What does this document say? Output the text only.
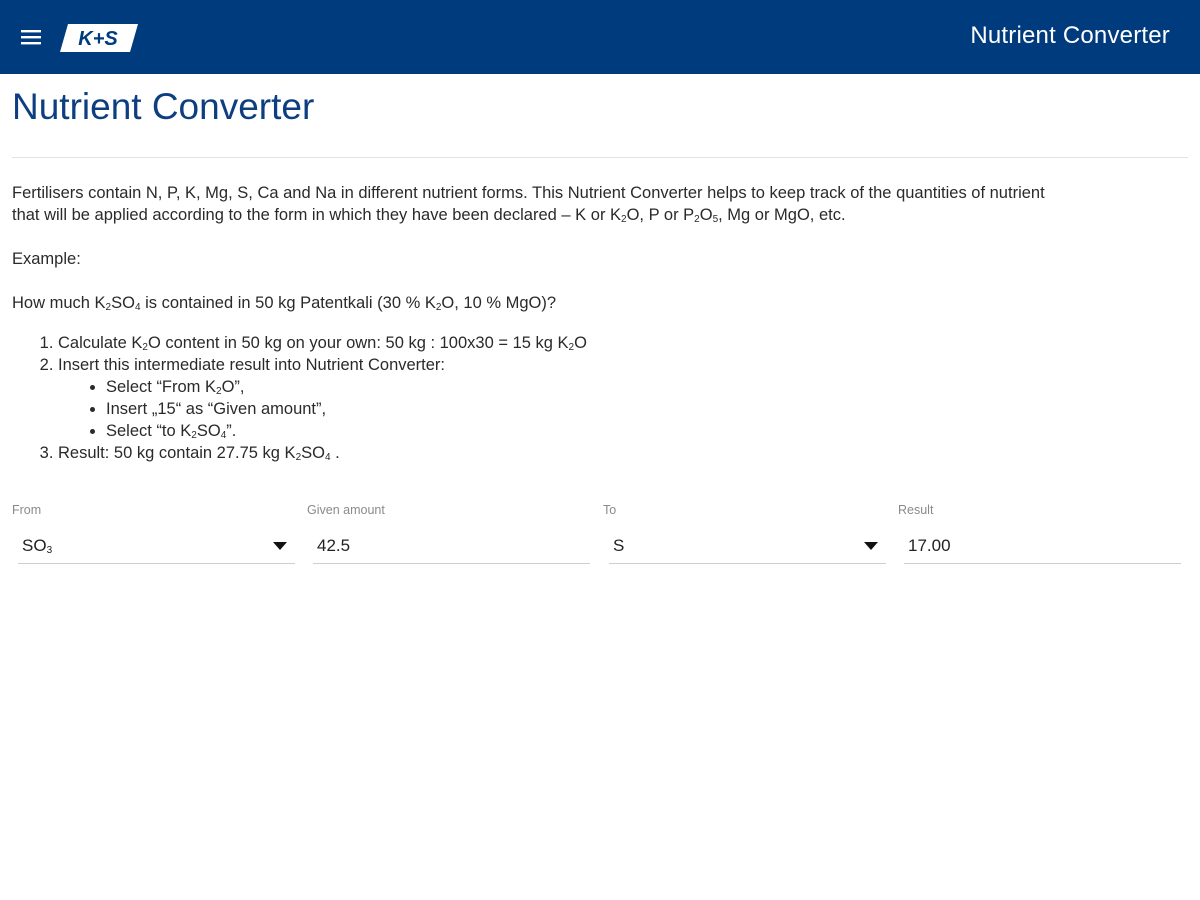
K+S	Nutrient Converter
Nutrient Converter

Fertilisers contain N, P, K, Mg, S, Ca and Na in different nutrient forms. This Nutrient Converter helps to keep track of the quantities of nutrient
that will be applied according to the form in which they have been declared – K or $K_2O$, P or $P_2O_5$, Mg or MgO, etc.

Example:

How much $K_2SO_4$ is contained in 50 kg Patentkali (30 % $K_2O$, 10 % MgO)?

1. Calculate $K_2O$ content in 50 kg on your own: 50 kg : 100x30 = 15 kg $K_2O$
2. Insert this intermediate result into Nutrient Converter:
• Select “From $K_2O$”,
• Insert „15“ as “Given amount”,
• Select “to $K_2SO_4$”.
3. Result: 50 kg contain 27.75 kg $K_2SO_4$ .
From
$SO_3$
Given amount
42.5
To
S
Result
17.00
